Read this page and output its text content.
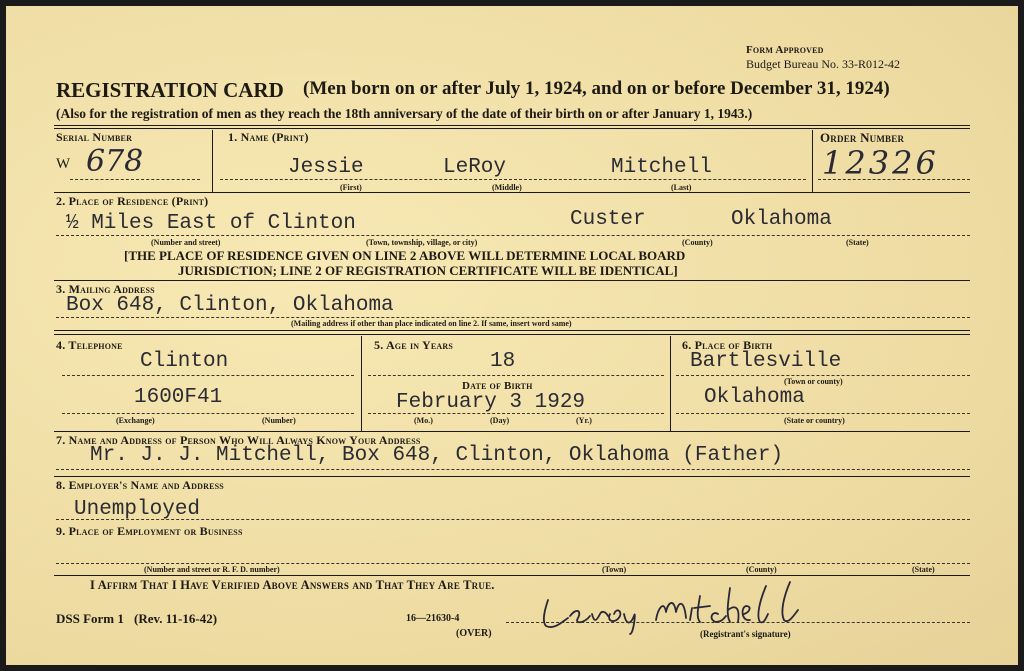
Form Approved
Budget Bureau No. 33-R012-42
REGISTRATION CARD (Men born on or after July 1, 1924, and on or before December 31, 1924)
(Also for the registration of men as they reach the 18th anniversary of the date of their birth on or after January 1, 1943.)
Serial Number
W 678
1. Name (Print)
Jessie	LeRoy	Mitchell
(First)	(Middle)	(Last)
Order Number
12326
2. Place of Residence (Print)
½ Miles East of Clinton	Custer	Oklahoma
(Number and street)	(Town, township, village, or city)	(County)	(State)
[THE PLACE OF RESIDENCE GIVEN ON LINE 2 ABOVE WILL DETERMINE LOCAL BOARD
JURISDICTION; LINE 2 OF REGISTRATION CERTIFICATE WILL BE IDENTICAL]
3. Mailing Address
Box 648, Clinton, Oklahoma
(Mailing address if other than place indicated on line 2. If same, insert word same)
4. Telephone
Clinton
1600F41
(Exchange)	(Number)
5. Age in Years
18
Date of Birth
February 3 1929
(Mo.)	(Day)	(Yr.)
6. Place of Birth
Bartlesville
(Town or county)
Oklahoma
(State or country)
7. Name and Address of Person Who Will Always Know Your Address
Mr. J. J. Mitchell, Box 648, Clinton, Oklahoma (Father)
8. Employer's Name and Address
Unemployed
9. Place of Employment or Business
(Number and street or R. F. D. number)	(Town)	(County)	(State)
I Affirm That I Have Verified Above Answers and That They Are True.
DSS Form 1 (Rev. 11-16-42)	16—21630-4
(OVER)	(Registrant's signature)
